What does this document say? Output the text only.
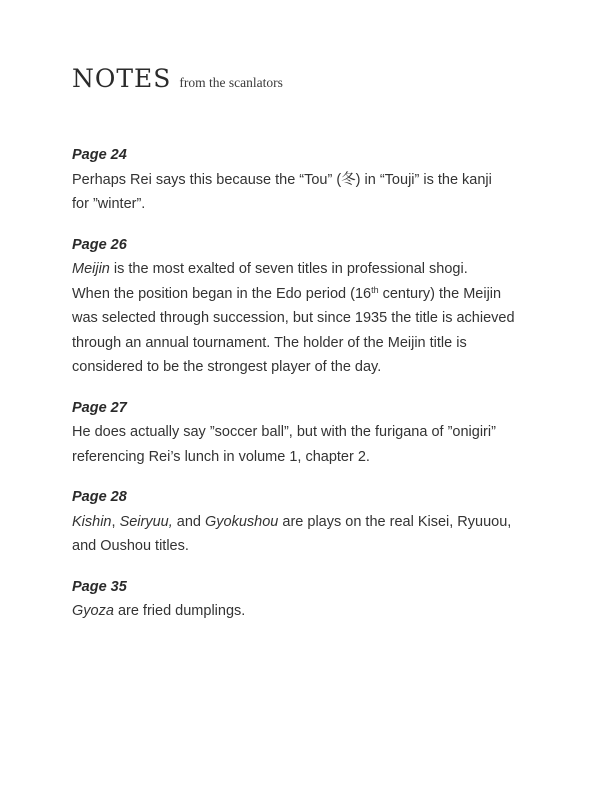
NOTES from the scanlators
Page 24
Perhaps Rei says this because the “Tou” (冬) in “Touji” is the kanji
for ”winter”.
Page 26
Meijin is the most exalted of seven titles in professional shogi.
When the position began in the Edo period (16th century) the Meijin
was selected through succession, but since 1935 the title is achieved
through an annual tournament. The holder of the Meijin title is
considered to be the strongest player of the day.
Page 27
He does actually say ”soccer ball”, but with the furigana of ”onigiri”
referencing Rei’s lunch in volume 1, chapter 2.
Page 28
Kishin, Seiryuu, and Gyokushou are plays on the real Kisei, Ryuuou,
and Oushou titles.
Page 35
Gyoza are fried dumplings.
